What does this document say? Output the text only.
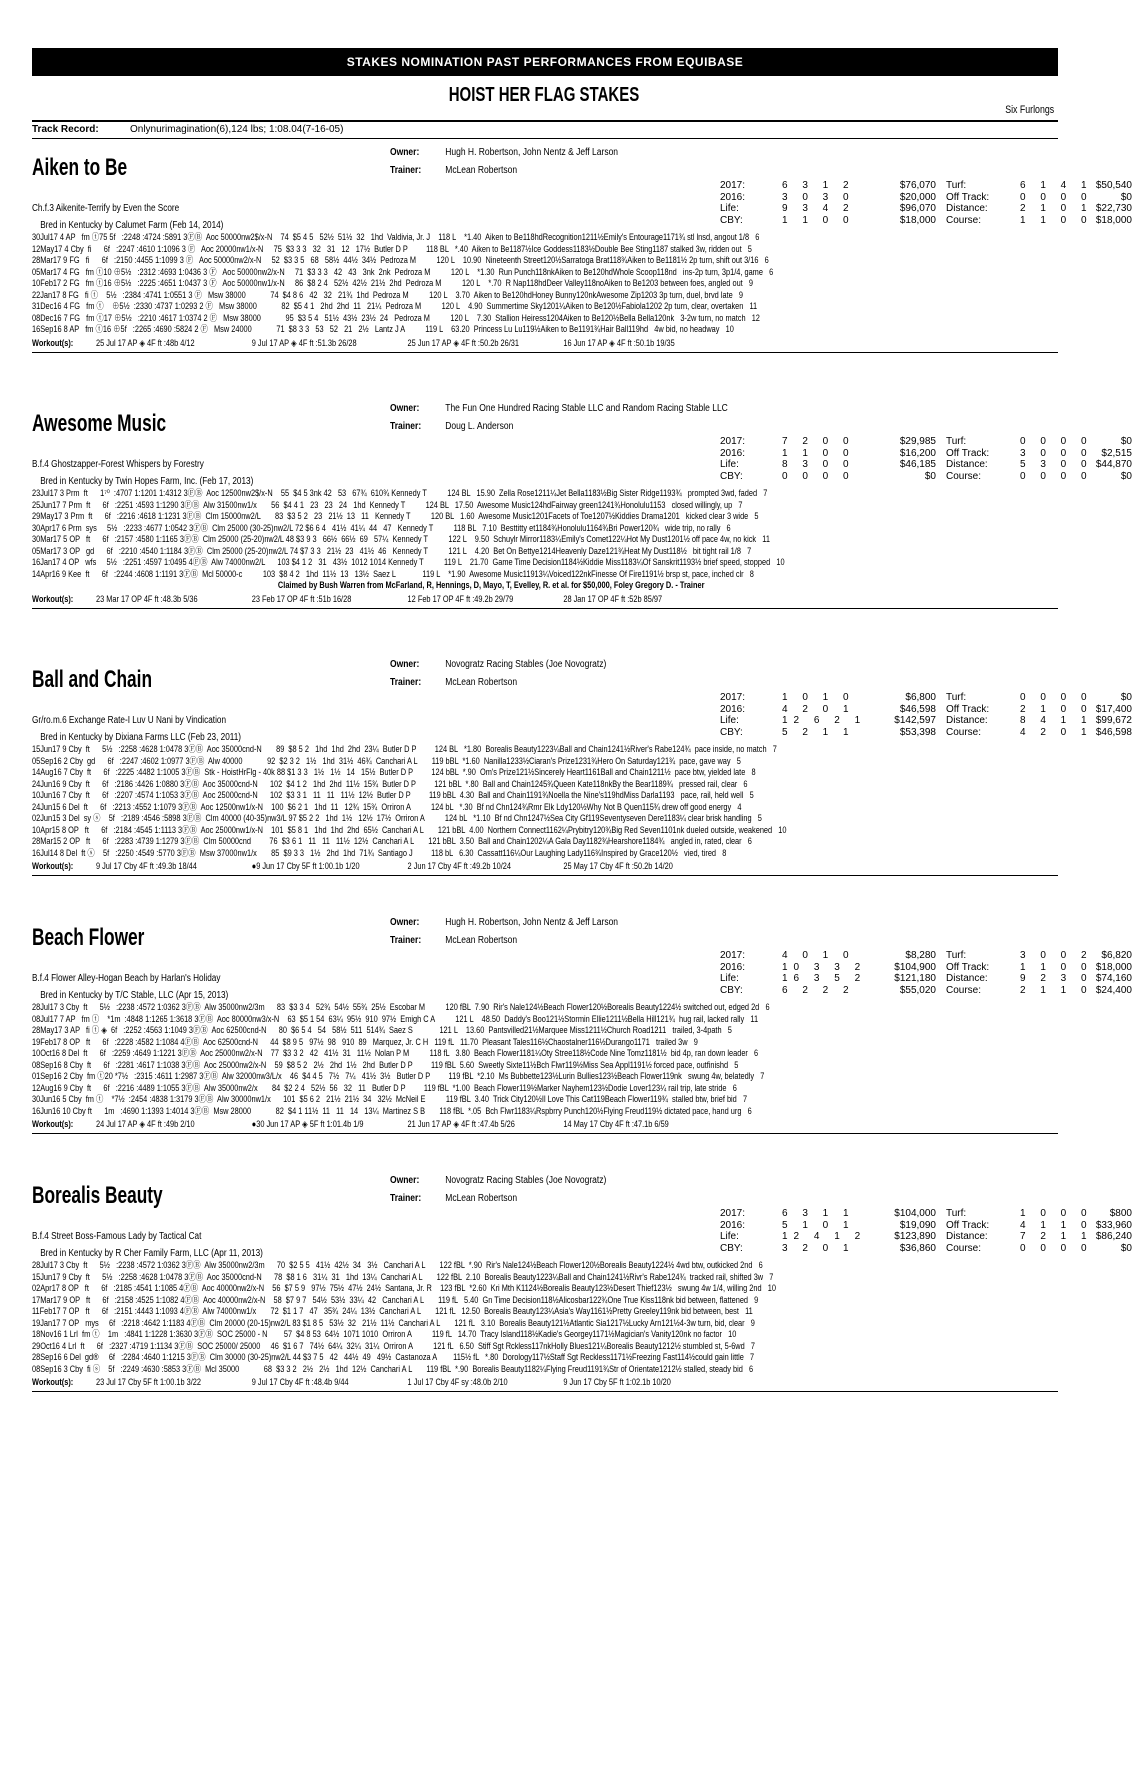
STAKES NOMINATION PAST PERFORMANCES FROM EQUIBASE
HOIST HER FLAG STAKES
Six Furlongs
Track Record:	Onlynurimagination(6),124 lbs; 1:08.04(7-16-05)
Aiken to Be
Owner:	Hugh H. Robertson, John Nentz & Jeff Larson
Trainer: McLean Robertson
Ch.f.3 Aikenite-Terrify by Even the Score
Bred in Kentucky by Calumet Farm (Feb 14, 2014)
2017:	6 3 1 2	$76,070	Turf:	6 1 4 1 $50,540
2016:	3 0 3 0	$20,000	Off Track:	0 0 0 0	$0
Life:	9 3 4 2	$96,070	Distance:	2 1 0 1 $22,730
CBY:	1 1 0 0	$18,000	Course:	1 1 0 0 $18,000
30Jul17 4 AP   fm ⓣ75 5f   :2248 :4724 :5891 3ⒻⒷ  Aoc 50000nw2$/x-N    74  $5 4 5   52½  51½  32   1hd  Valdivia, Jr. J    118 L    *1.40  Aiken to Be118hdRecognition1211½Emily's Entourage1171¾ stl lnsd, angout 1/8   6
12May17 4 Cby  fi      6f   :2247 :4610 1:1096 3 Ⓕ   Aoc 20000nw1/x-N     75  $3 3 3   32   31   12   17½  Butler D P         118 BL   *.40  Aiken to Be1187½Ice Goddess1183½Double Bee Sting1187 stalked 3w, ridden out   5
28Mar17 9 FG   fi      6f   :2150 :4455 1:1099 3 Ⓕ   Aoc 50000nw2/x-N     52  $3 3 5   68   58½  44½  34½  Pedroza M          120 L    10.90  Nineteenth Street120½Sarratoga Brat118¾Aiken to Be1181½ 2p turn, shift out 3/16   6
05Mar17 4 FG   fm ⓣ10 ⊕5½   :2312 :4693 1:0436 3 Ⓕ   Aoc 50000nw2/x-N     71  $3 3 3   42   43   3nk  2nk  Pedroza M          120 L    *1.30  Run Punch118nkAiken to Be120hdWhole Scoop118nd   ins-2p turn, 3p1/4, game   6
10Feb17 2 FG   fm ⓣ16 ⊕5½   :2225 :4651 1:0437 3 Ⓕ   Aoc 50000nw1/x-N     86  $8 2 4   52½  42½  21½  2hd  Pedroza M          120 L    *.70  R Nap118hdDeer Valley118noAiken to Be1203 between foes, angled out   9
22Jan17 8 FG   fi ⓣ    5½   :2384 :4741 1:0551 3 Ⓕ   Msw 38000            74  $4 8 6   42   32   21¾  1hd  Pedroza M          120 L    3.70  Aiken to Be120hdHoney Bunny120nkAwesome Zip1203 3p turn, duel, brvd late   9
31Dec16 4 FG   fm ⓣ    ⊕5½  :2330 :4737 1:0293 2 Ⓕ   Msw 38000            82  $5 4 1   2hd  2hd  11   21¼  Pedroza M          120 L    4.90  Summertime Sky1201¼Aiken to Be120½Fabiola1202 2p turn, clear, overtaken   11
08Dec16 7 FG   fm ⓣ17 ⊕5½   :2210 :4617 1:0374 2 Ⓕ   Msw 38000            95  $3 5 4   51½  43½  23½  24   Pedroza M          120 L    7.30  Stallion Heiress1204Aiken to Be120½Bella Bella120nk   3-2w turn, no match   12
16Sep16 8 AP   fm ⓣ16 ⊕5f   :2265 :4690 :5824 2 Ⓕ   Msw 24000            71  $8 3 3   53   52   21   2½   Lantz J A          119 L    63.20  Princess Lu Lu119½Aiken to Be1191¾Hair Ball119hd   4w bid, no headway   10
Workout(s):	25 Jul 17 AP ◈ 4F ft :48b 4/12	9 Jul 17 AP ◈ 4F ft :51.3b 26/28	25 Jun 17 AP ◈ 4F ft :50.2b 26/31	16 Jun 17 AP ◈ 4F ft :50.1b 19/35
Awesome Music
Owner:	The Fun One Hundred Racing Stable LLC and Random Racing Stable LLC
Trainer: Doug L. Anderson
B.f.4 Ghostzapper-Forest Whispers by Forestry
Bred in Kentucky by Twin Hopes Farm, Inc. (Feb 17, 2013)
2017:	7 2 0 0	$29,985	Turf:	0 0 0 0	$0
2016:	1 1 0 0	$16,200	Off Track:	3 0 0 0 $2,515
Life:	8 3 0 0	$46,185	Distance:	5 3 0 0 $44,870
CBY:	0 0 0 0	$0	Course:	0 0 0 0	$0
23Jul17 3 Prm  ft      1⁷⁰  :4707 1:1201 1:4312 3ⒻⒷ  Aoc 12500nw2$/x-N    55  $4 5 3nk 42   53   67¾  610¾ Kennedy T          124 BL   15.90  Zella Rose1211¼Jet Bella1183½Big Sister Ridge1193¾   prompted 3wd, faded   7
25Jun17 7 Prm  ft      6f   :2251 :4593 1:1290 3ⒻⒷ  Alw 31500nw1/x       56  $4 4 1   23   23   24   1hd  Kennedy T          124 BL   17.50  Awesome Music124hdFairway green1241¾Honolulu1153   closed willingly, up   7
29May17 3 Prm  ft      6f   :2216 :4618 1:1231 3ⒻⒷ  Clm 15000nw2/L       83  $3 5 2   23   21½  13   11   Kennedy T          120 BL   1.60  Awesome Music1201Facets of Toe1207½Kiddies Drama1201   kicked clear 3 wide   5
30Apr17 6 Prm  sys     5½   :2233 :4677 1:0542 3ⒻⒷ  Clm 25000 (30-25)nw2/L 72 $6 6 4   41½  41¼  44   47   Kennedy T          118 BL   7.10  Besttitty et1184¾Honolulu1164¾Bri Power120¾   wide trip, no rally   6
30Mar17 5 OP   ft      6f   :2157 :4580 1:1165 3ⒻⒷ  Clm 25000 (25-20)nw2/L 48 $3 9 3   66½  66½  69   57¼  Kennedy T          122 L    9.50  Schuylr Mirror1183¼Emily's Comet122¼Hot My Dust1201½ off pace 4w, no kick   11
05Mar17 3 OP   gd      6f   :2210 :4540 1:1184 3ⒻⒷ  Clm 25000 (25-20)nw2/L 74 $7 3 3   21½  23   41½  46   Kennedy T          121 L    4.20  Bet On Bettye1214Heavenly Daze121¾Heat My Dust118½   bit tight rail 1/8   7
16Jan17 4 OP   wfs     5½   :2251 :4597 1:0495 4ⒻⒷ  Alw 74000nw2/L      103 $4 1 2   31   43½  1012 1014 Kennedy T          119 L    21.70  Game Time Decision1184½Kiddie Miss1183¼Of Sanskrit1193½ brief speed, stopped   10
14Apr16 9 Kee  ft      6f   :2244 :4608 1:1191 3ⒻⒷ  Mcl 50000-c          103  $8 4 2   1hd  11½  13   13½  Saez L             119 L    *1.90  Awesome Music11913¼Voiced122nkFinesse Of Fire1191½ brsp st, pace, inched clr   8
Claimed by Bush Warren from McFarland, R, Hennings, D, Mayo, T, Evelley, R. et al. for $50,000, Foley Gregory D. - Trainer
Workout(s):	23 Mar 17 OP 4F ft :48.3b 5/36	23 Feb 17 OP 4F ft :51b 16/28	12 Feb 17 OP 4F ft :49.2b 29/79	28 Jan 17 OP 4F ft :52b 85/97
Ball and Chain
Owner:	Novogratz Racing Stables (Joe Novogratz)
Trainer: McLean Robertson
Gr/ro.m.6 Exchange Rate-I Luv U Nani by Vindication
Bred in Kentucky by Dixiana Farms LLC (Feb 23, 2011)
2017:	1 0 1 0	$6,800	Turf:	0 0 0 0	$0
2016:	4 2 0 1	$46,598	Off Track:	2 1 0 0 $17,400
Life:	12 6 2 1	$142,597	Distance:	8 4 1 1 $99,672
CBY:	5 2 1 1	$53,398	Course:	4 2 0 1 $46,598
15Jun17 9 Cby  ft      5½   :2258 :4628 1:0478 3ⒻⒷ  Aoc 35000cnd-N       89  $8 5 2   1hd  1hd  2hd  23¼  Butler D P         124 BL   *1.80  Borealis Beauty1223¼Ball and Chain1241½River's Rabe124¾  pace inside, no match   7
05Sep16 2 Cby  gd      6f   :2247 :4602 1:0977 3ⒻⒷ  Alw 40000            92  $2 3 2   1½   1hd  31½  46¾  Canchari A L       119 bBL  *1.60  Nanilla1233½Ciaran's Prize1231¾Hero On Saturday121¾  pace, gave way   5
14Aug16 7 Cby  ft      6f   :2225 :4482 1:1005 3ⒻⒷ  Stk - HoistHrFlg - 40k 88 $1 3 3   1½   1½   14   15½  Butler D P         124 bBL  *.90  Om's Prize121½Sincerely Heart1161Ball and Chain1211½  pace btw, yielded late   8
24Jun16 9 Cby  ft      6f   :2186 :4426 1:0880 3ⒻⒷ  Aoc 35000cnd-N      102  $4 1 2   1hd  2hd  11½  15¾  Butler D P         121 bBL  *.80  Ball and Chain1245¾Queen Kate118nkBy the Bear1189¾   pressed rail, clear   6
10Jun16 7 Cby  ft      6f   :2207 :4574 1:1053 3ⒻⒷ  Aoc 25000cnd-N      102  $3 3 1   11   11   11½  12½  Butler D P         119 bBL  4.30  Ball and Chain1191¾Noella the Nine's119hdMiss Darla1193   pace, rail, held well   5
24Jun15 6 Del  ft      6f   :2213 :4552 1:1079 3ⒻⒷ  Aoc 12500nw1/x-N    100  $6 2 1   1hd  11   12¾  15¾  Orriron A          124 bL   *.30  Bf nd Chn124¾Rmr Elk Ldy120½Why Not B Quen115¾ drew off good energy   4
02Jun15 3 Del  sy ⓢ    5f   :2189 :4546 :5898 3ⒻⒷ  Clm 40000 (40-35)nw3/L 97 $5 2 2   1hd  1½   12½  17½  Orriron A          124 bL   *1.10  Bf nd Chn1247½Sea City Gf119Seventyseven Dere1183¼ clear brisk handling   5
10Apr15 8 OP   ft      6f   :2184 :4545 1:1113 3ⒻⒷ  Aoc 25000nw1/x-N    101  $5 8 1   1hd  1hd  2hd  65½  Canchari A L       121 bBL  4.00  Northern Connect1162¼Prybitry120¾Big Red Seven1101nk dueled outside, weakened   10
28Mar15 2 OP   ft      6f   :2283 :4739 1:1279 3ⒻⒷ  Clm 50000cnd         76  $3 6 1   11   11   11½  12½  Canchari A L       121 bBL  3.50  Ball and Chain1202¼A Gala Day1182¾Hearshore1184¾   angled in, rated, clear   6
16Jul14 8 Del  ft ⓢ    5f   :2250 :4549 :5770 3ⒻⒷ  Msw 37000nw1/x       85  $9 3 3   1½   2hd  1hd  71¾  Santiago J         118 bL   6.30  Cassatt116¼Our Laughing Lady116¾Inspired by Grace120½   vied, tired   8
Workout(s):	9 Jul 17 Cby 4F ft :49.3b 18/44	●9 Jun 17 Cby 5F ft 1:00.1b 1/20	2 Jun 17 Cby 4F ft :49.2b 10/24	25 May 17 Cby 4F ft :50.2b 14/20
Beach Flower
Owner:	Hugh H. Robertson, John Nentz & Jeff Larson
Trainer: McLean Robertson
B.f.4 Flower Alley-Hogan Beach by Harlan's Holiday
Bred in Kentucky by T/C Stable, LLC (Apr 15, 2013)
2017:	4 0 1 0	$8,280	Turf:	3 0 0 2 $6,820
2016:	10 3 3 2	$104,900	Off Track:	1 1 0 0 $18,000
Life:	16 3 5 2	$121,180	Distance:	9 2 3 0 $74,160
CBY:	6 2 2 2	$55,020	Course:	2 1 1 0 $24,400
28Jul17 3 Cby  ft      5½   :2238 :4572 1:0362 3ⒻⒷ  Alw 35000nw2/3m      83  $3 3 4   52¾  54½  55¾  25½  Escobar M          120 fBL  7.90  Rir's Nale124½Beach Flower120½Borealis Beauty1224½ switched out, edged 2d   6
08Jul17 7 AP   fm ⓣ    *1m  :4848 1:1265 1:3618 3ⒻⒷ  Aoc 80000nw3/x-N    63  $5 1 54  63¼  95½  910  97½  Emigh C A          121 L    48.50  Daddy's Boo121½Stormin Ellie1211½Bella Hill121¾  hug rail, lacked rally   11
28May17 3 AP   fi ⓣ ◈  6f   :2252 :4563 1:1049 3ⒻⒷ  Aoc 62500cnd-N      80  $6 5 4   54   58½  511  514¾  Saez S             121 L    13.60  Pantsvilled21½Marquee Miss1211½Church Road1211   trailed, 3-4path   5
19Feb17 8 OP   ft      6f   :2228 :4582 1:1084 4ⒻⒷ  Aoc 62500cnd-N      44  $8 9 5   97½  98   910  89   Marquez, Jr. C H   119 fL   11.70  Pleasant Tales116½Chaostalner116½Durango1171   trailed 3w   9
10Oct16 8 Del  ft      6f   :2259 :4649 1:1221 3ⒻⒷ  Aoc 25000nw2/x-N    77  $3 3 2   42   41½  31   11½  Nolan P M          118 fL   3.80  Beach Flower1181¼Oty Stree118½Code Nine Tomz1181½  bid 4p, ran down leader   6
08Sep16 8 Cby  ft      6f   :2281 :4617 1:1038 3ⒻⒷ  Aoc 25000nw2/x-N    59  $8 5 2   2½   2hd  1½   2hd  Butler D P         119 fBL  5.60  Sweetly Sixte11½Bch Flwr119½Miss Sea Appl1191½ forced pace, outfinishd   5
01Sep16 2 Cby  fm ⓣ20 *7½   :2315 :4611 1:2987 3ⒻⒷ  Alw 32000nw3/L/x    46  $4 4 5   7½   7¼   41½  3½   Butler D P         119 fBL  *2.10  Ms Bubbette123½Lurin Bullies123½Beach Flower119nk   swung 4w, belatedly   7
12Aug16 9 Cby  ft      6f   :2216 :4489 1:1055 3ⒻⒷ  Alw 35000nw2/x       84  $2 2 4   52½  56   32   11   Butler D P         119 fBL  *1.00  Beach Flower119½Marker Nayhem123½Dodie Lover123¼ rail trip, late stride   6
30Jun16 5 Cby  fm ⓣ    *7½  :2454 :4838 1:3179 3ⒻⒷ  Alw 30000nw1/x      101  $5 6 2   21½  21½  34   32½  McNeil E          119 fBL  3.40  Trick City120½Il Love This Cat119Beach Flower119¾  stalled btw, brief bid   7
16Jun16 10 Cby ft      1m   :4690 1:1393 1:4014 3ⒻⒷ  Msw 28000            82  $4 1 11½  11   11   14   13¼  Martinez S B       118 fBL  *.05  Bch Flwr1183¼Rspbrry Punch120½Flying Freud119½ dictated pace, hand urg   6
Workout(s):	24 Jul 17 AP ◈ 4F ft :49b 2/10	●30 Jun 17 AP ◈ 5F ft 1:01.4b 1/9	21 Jun 17 AP ◈ 4F ft :47.4b 5/26	14 May 17 Cby 4F ft :47.1b 6/59
Borealis Beauty
Owner:	Novogratz Racing Stables (Joe Novogratz)
Trainer: McLean Robertson
B.f.4 Street Boss-Famous Lady by Tactical Cat
Bred in Kentucky by R Cher Family Farm, LLC (Apr 11, 2013)
2017:	6 3 1 1	$104,000	Turf:	1 0 0 0	$800
2016:	5 1 0 1	$19,090	Off Track:	4 1 1 0 $33,960
Life:	12 4 1 2	$123,890	Distance:	7 2 1 1 $86,240
CBY:	3 2 0 1	$36,860	Course:	0 0 0 0	$0
28Jul17 3 Cby  ft      5½   :2238 :4572 1:0362 3ⒻⒷ  Alw 35000nw2/3m      70  $2 5 5   41½  42½  34   3½   Canchari A L       122 fBL  *.90  Rir's Nale124½Beach Flower120½Borealis Beauty1224½ 4wd btw, outkicked 2nd   6
15Jun17 9 Cby  ft      5½   :2258 :4628 1:0478 3ⒻⒷ  Aoc 35000cnd-N      78  $8 1 6   31¼  31   1hd  13¼  Canchari A L       122 fBL  2.10  Borealis Beauty1223¼Ball and Chain1241½Rivr's Rabe124¾  tracked rail, shifted 3w   7
02Apr17 8 OP   ft      6f   :2185 :4541 1:1085 4ⒻⒷ  Aoc 40000nw2/x-N    56  $7 5 9   97½  75½  47½  24½  Santana, Jr. R    123 fBL  *2.60  Kri Mth K1124½Borealis Beauty123½Desert Thief123½   swung 4w 1/4, willing 2nd   10
17Mar17 9 OP   ft      6f   :2158 :4525 1:1082 4ⒻⒷ  Aoc 40000nw2/x-N    58  $7 9 7   54½  53½  33¼  42   Canchari A L       119 fL   5.40  Gn Time Decision118½Alicosbar122¾One True Kiss118nk bid between, flattened   9
11Feb17 7 OP   ft      6f   :2151 :4443 1:1093 4ⒻⒷ  Alw 74000nw1/x       72  $1 1 7   47   35¾  24¼  13½  Canchari A L       121 fL   12.50  Borealis Beauty123¼Asia's Way1161½Pretty Greeley119nk bid between, best   11
19Jan17 7 OP   mys     6f   :2218 :4642 1:1183 4ⒻⒷ  Clm 20000 (20-15)nw2/L 83 $1 8 5   53½  32   21½  11½  Canchari A L       121 fL   3.10  Borealis Beauty121½Atlantic Sia1217½Lucky Arn121½4-3w turn, bid, clear   9
18Nov16 1 Lrl  fm ⓣ    1m   :4841 1:1228 1:3630 3ⒻⒷ  SOC 25000 - N        57  $4 8 53  64½  1071 1010  Orriron A          119 fL   14.70  Tracy Island118½Kadie's Georgey1171½Magician's Vanity120nk no factor   10
29Oct16 4 Lrl  ft      6f   :2327 :4719 1:1134 3ⒻⒷ  SOC 25000/ 25000     46  $1 6 7   74½  64¼  32¼  31¼  Orriron A          121 fL   6.50  Stiff Sgt Rckless117nkHolly Blues121¼Borealis Beauty1212½ stumbled st, 5-6wd   7
28Sep16 6 Del  gd®     6f   :2284 :4640 1:1215 3ⒻⒷ  Clm 30000 (30-25)nw2/L 44 $3 7 5   42   44½  49   49½  Castanoza A        115½ fL   *.80  Dorology117½Staff Sgt Reckless1171½Freezing Fast114½could gain little   7
08Sep16 3 Cby  fi ⓢ    5f   :2249 :4630 :5853 3ⒻⒷ  Mcl 35000            68  $3 3 2   2½   2½   1hd  12½  Canchari A L       119 fBL  *.90  Borealis Beauty1182¼Flying Freud1191¾Str of Orientate1212½ stalled, steady bid   6
Workout(s):	23 Jul 17 Cby 5F ft 1:00.1b 3/22	9 Jul 17 Cby 4F ft :48.4b 9/44	1 Jul 17 Cby 4F sy :48.0b 2/10	9 Jun 17 Cby 5F ft 1:02.1b 10/20
